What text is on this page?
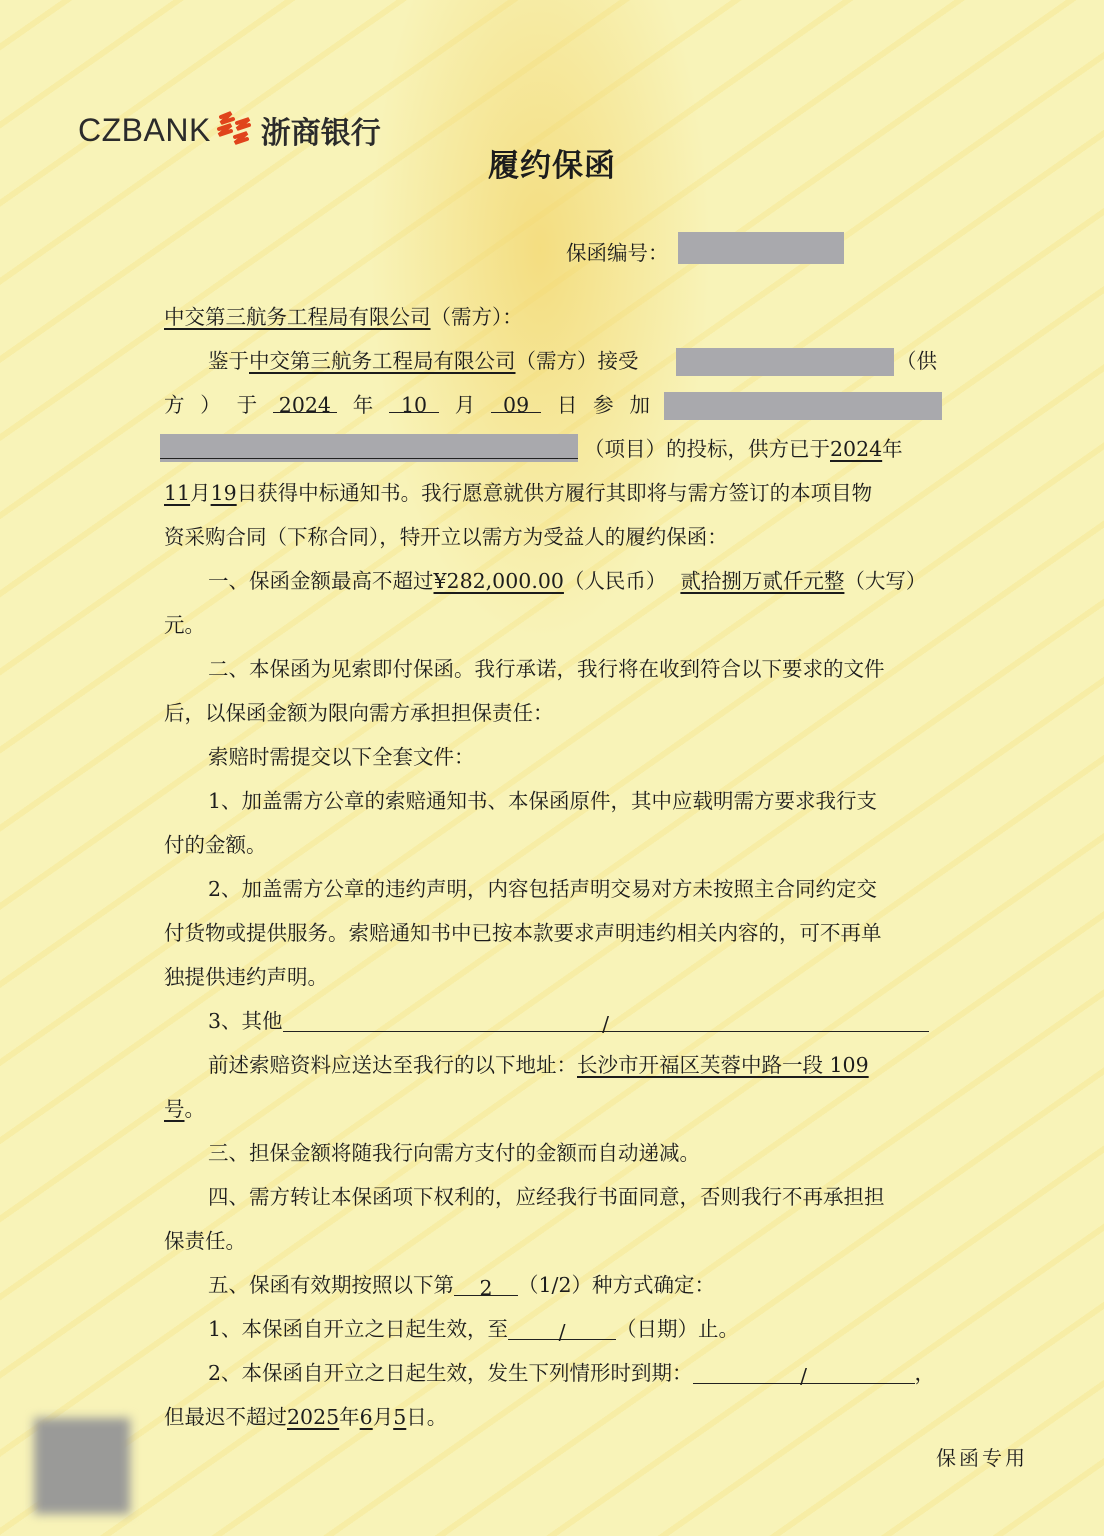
CZBANK 浙商银行
履约保函
保函编号：
中交第三航务工程局有限公司（需方）：
鉴于中交第三航务工程局有限公司（需方）接受	（供
方 ） 于 2024 年	10	月	09	日 参 加
（项目）的投标，供方已于2024年
11月19日获得中标通知书。我行愿意就供方履行其即将与需方签订的本项目物
资采购合同（下称合同），特开立以需方为受益人的履约保函：
一、保函金额最高不超过¥282,000.00（人民币） 贰拾捌万贰仟元整（大写）
元。
二、本保函为见索即付保函。我行承诺，我行将在收到符合以下要求的文件
后，以保函金额为限向需方承担担保责任：
索赔时需提交以下全套文件：
1、加盖需方公章的索赔通知书、本保函原件，其中应载明需方要求我行支
付的金额。
2、加盖需方公章的违约声明，内容包括声明交易对方未按照主合同约定交
付货物或提供服务。索赔通知书中已按本款要求声明违约相关内容的，可不再单
独提供违约声明。
3、其他	/
前述索赔资料应送达至我行的以下地址：长沙市开福区芙蓉中路一段 109
号。
三、担保金额将随我行向需方支付的金额而自动递减。
四、需方转让本保函项下权利的，应经我行书面同意，否则我行不再承担担
保责任。
五、保函有效期按照以下第 2 （1/2）种方式确定：
1、本保函自开立之日起生效，至 / （日期）止。
2、本保函自开立之日起生效，发生下列情形时到期：	/	，
但最迟不超过2025年6月5日。
保函专用
